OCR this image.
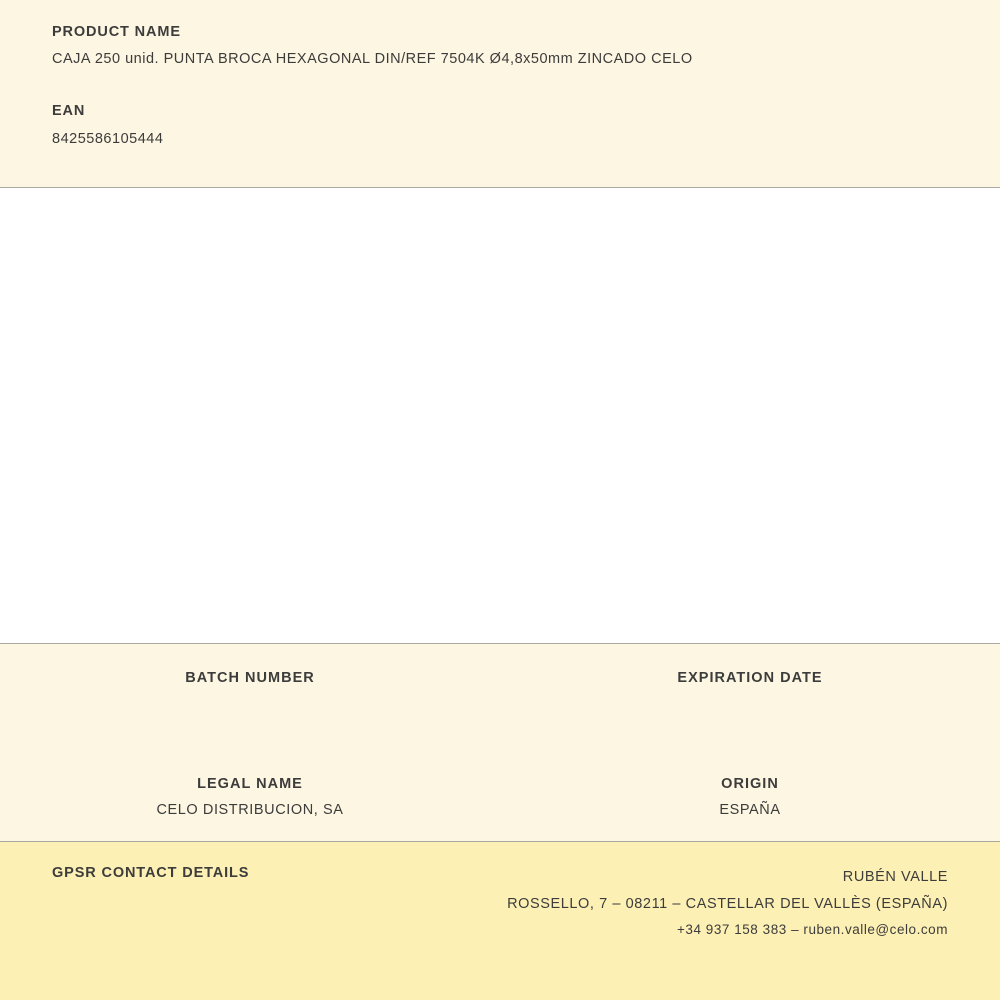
PRODUCT NAME
CAJA 250 unid. PUNTA BROCA HEXAGONAL DIN/REF 7504K Ø4,8x50mm ZINCADO CELO
EAN
8425586105444
BATCH NUMBER	EXPIRATION DATE
LEGAL NAME
CELO DISTRIBUCION, SA
ORIGIN
ESPAÑA
GPSR CONTACT DETAILS	RUBÉN VALLE
ROSSELLO, 7 – 08211 – CASTELLAR DEL VALLÈS (ESPAÑA)
+34 937 158 383 – ruben.valle@celo.com
